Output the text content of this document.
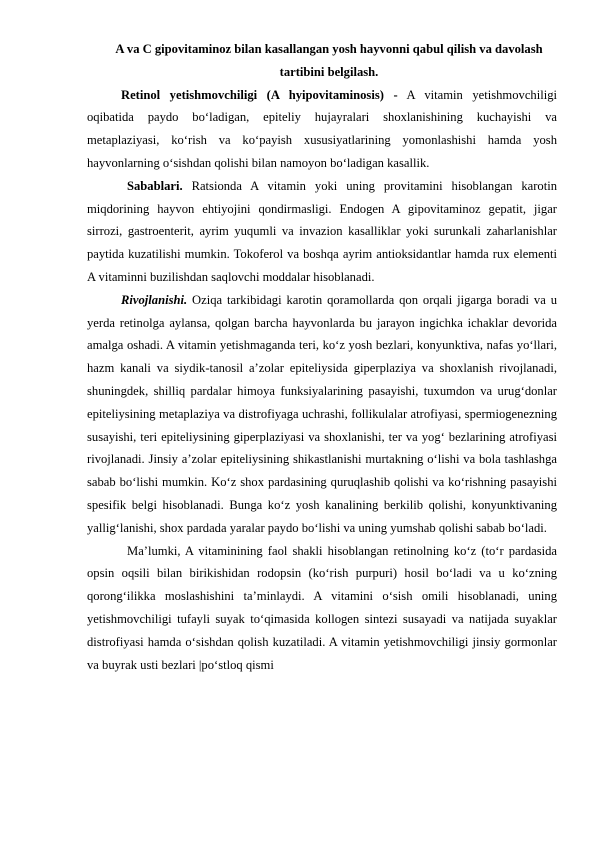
A va C gipovitaminoz bilan kasallangan yosh hayvonni qabul qilish va davolash tartibini belgilash.

Retinol yetishmovchiligi (A hyipovitaminosis) - A vitamin yetishmovchiligi oqibatida paydo bo‘ladigan, epiteliy hujayralari shoxlanishining kuchayishi va metaplaziyasi, ko‘rish va ko‘payish xususiyatlarining yomonlashishi hamda yosh hayvonlarning o‘sishdan qolishi bilan namoyon bo‘ladigan kasallik.

Sabablari. Ratsionda A vitamin yoki uning provitamini hisoblangan karotin miqdorining hayvon ehtiyojini qondirmasligi. Endogen A gipovitaminoz gepatit, jigar sirrozi, gastroenterit, ayrim yuqumli va invazion kasalliklar yoki surunkali zaharlanishlar paytida kuzatilishi mumkin. Tokoferol va boshqa ayrim antioksidantlar hamda rux elementi A vitaminni buzilishdan saqlovchi moddalar hisoblanadi.

Rivojlanishi. Oziqa tarkibidagi karotin qoramollarda qon orqali jigarga boradi va u yerda retinolga aylansa, qolgan barcha hayvonlarda bu jarayon ingichka ichaklar devorida amalga oshadi. A vitamin yetishmaganda teri, ko‘z yosh bezlari, konyunktiva, nafas yo‘llari, hazm kanali va siydik-tanosil a’zolar epiteliysida giperplaziya va shoxlanish rivojlanadi, shuningdek, shilliq pardalar himoya funksiyalarining pasayishi, tuxumdon va urug‘donlar epiteliysining metaplaziya va distrofiyaga uchrashi, follikulalar atrofiyasi, spermiogenezning susayishi, teri epiteliysining giperplaziyasi va shoxlanishi, ter va yog‘ bezlarining atrofiyasi rivojlanadi. Jinsiy a’zolar epiteliysining shikastlanishi murtakning o‘lishi va bola tashlashga sabab bo‘lishi mumkin. Ko‘z shox pardasining quruqlashib qolishi va ko‘rishning pasayishi spesifik belgi hisoblanadi. Bunga ko‘z yosh kanalining berkilib qolishi, konyunktivaning yallig‘lanishi, shox pardada yaralar paydo bo‘lishi va uning yumshab qolishi sabab bo‘ladi.

Ma’lumki, A vitaminining faol shakli hisoblangan retinolning ko‘z (to‘r pardasida opsin oqsili bilan birikishidan rodopsin (ko‘rish purpuri) hosil bo‘ladi va u ko‘zning qorong‘ilikka moslashishini ta’minlaydi. A vitamini o‘sish omili hisoblanadi, uning yetishmovchiligi tufayli suyak to‘qimasida kollogen sintezi susayadi va natijada suyaklar distrofiyasi hamda o‘sishdan qolish kuzatiladi. A vitamin yetishmovchiligi jinsiy gormonlar va buyrak usti bezlari |po‘stloq qismi
